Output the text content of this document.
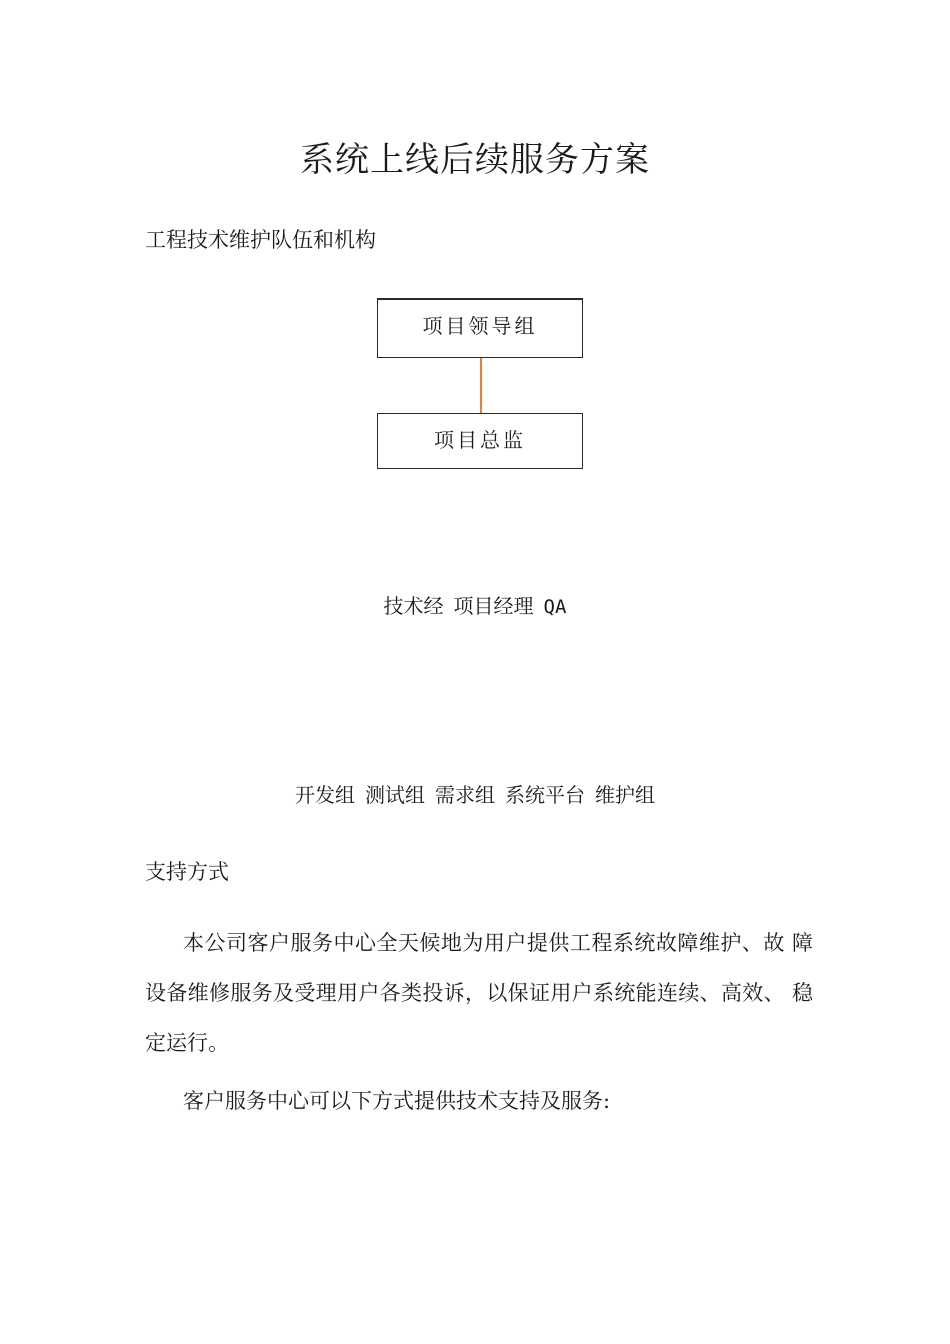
系统上线后续服务方案
工程技术维护队伍和机构
项目领导组
项目总监
技术经 项目经理 QA
开发组 测试组 需求组 系统平台 维护组
支持方式
本公司客户服务中心全天候地为用户提供工程系统故障维护、故 障
设备维修服务及受理用户各类投诉，以保证用户系统能连续、高效、 稳
定运行。
客户服务中心可以下方式提供技术支持及服务:
